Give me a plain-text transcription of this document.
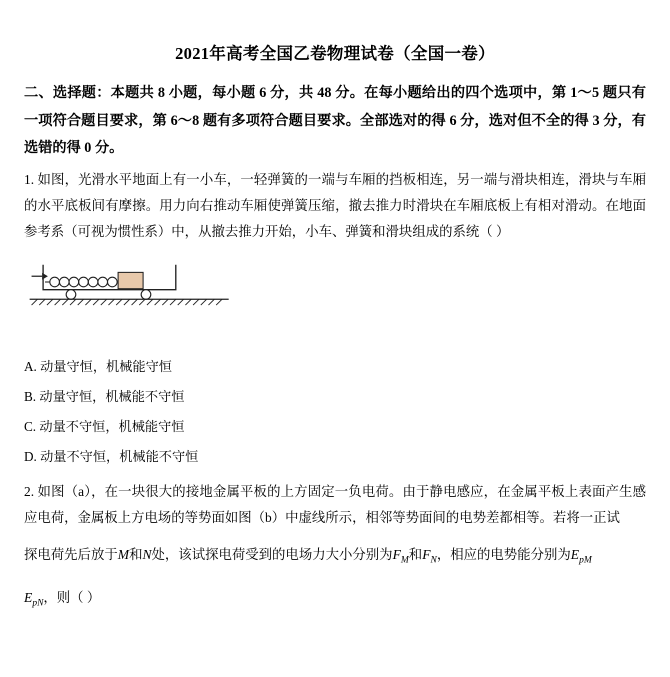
2021年高考全国乙卷物理试卷（全国一卷）
二、选择题：本题共 8 小题，每小题 6 分，共 48 分。在每小题给出的四个选项中，第 1～5 题只有一项符合题目要求，第 6～8 题有多项符合题目要求。全部选对的得 6 分，选对但不全的得 3 分，有选错的得 0 分。
1. 如图，光滑水平地面上有一小车，一轻弹簧的一端与车厢的挡板相连，另一端与滑块相连，滑块与车厢的水平底板间有摩擦。用力向右推动车厢使弹簧压缩，撤去推力时滑块在车厢底板上有相对滑动。在地面参考系（可视为惯性系）中，从撤去推力开始，小车、弹簧和滑块组成的系统（ ）
A. 动量守恒，机械能守恒
B. 动量守恒，机械能不守恒
C. 动量不守恒，机械能守恒
D. 动量不守恒，机械能不守恒
2. 如图（a），在一块很大的接地金属平板的上方固定一负电荷。由于静电感应，在金属平板上表面产生感应电荷，金属板上方电场的等势面如图（b）中虚线所示，相邻等势面间的电势差都相等。若将一正试
探电荷先后放于M和N处，该试探电荷受到的电场力大小分别为$F_M$和$F_N$，相应的电势能分别为$E_{pM}$
$E_{pN}$，则（ ）
